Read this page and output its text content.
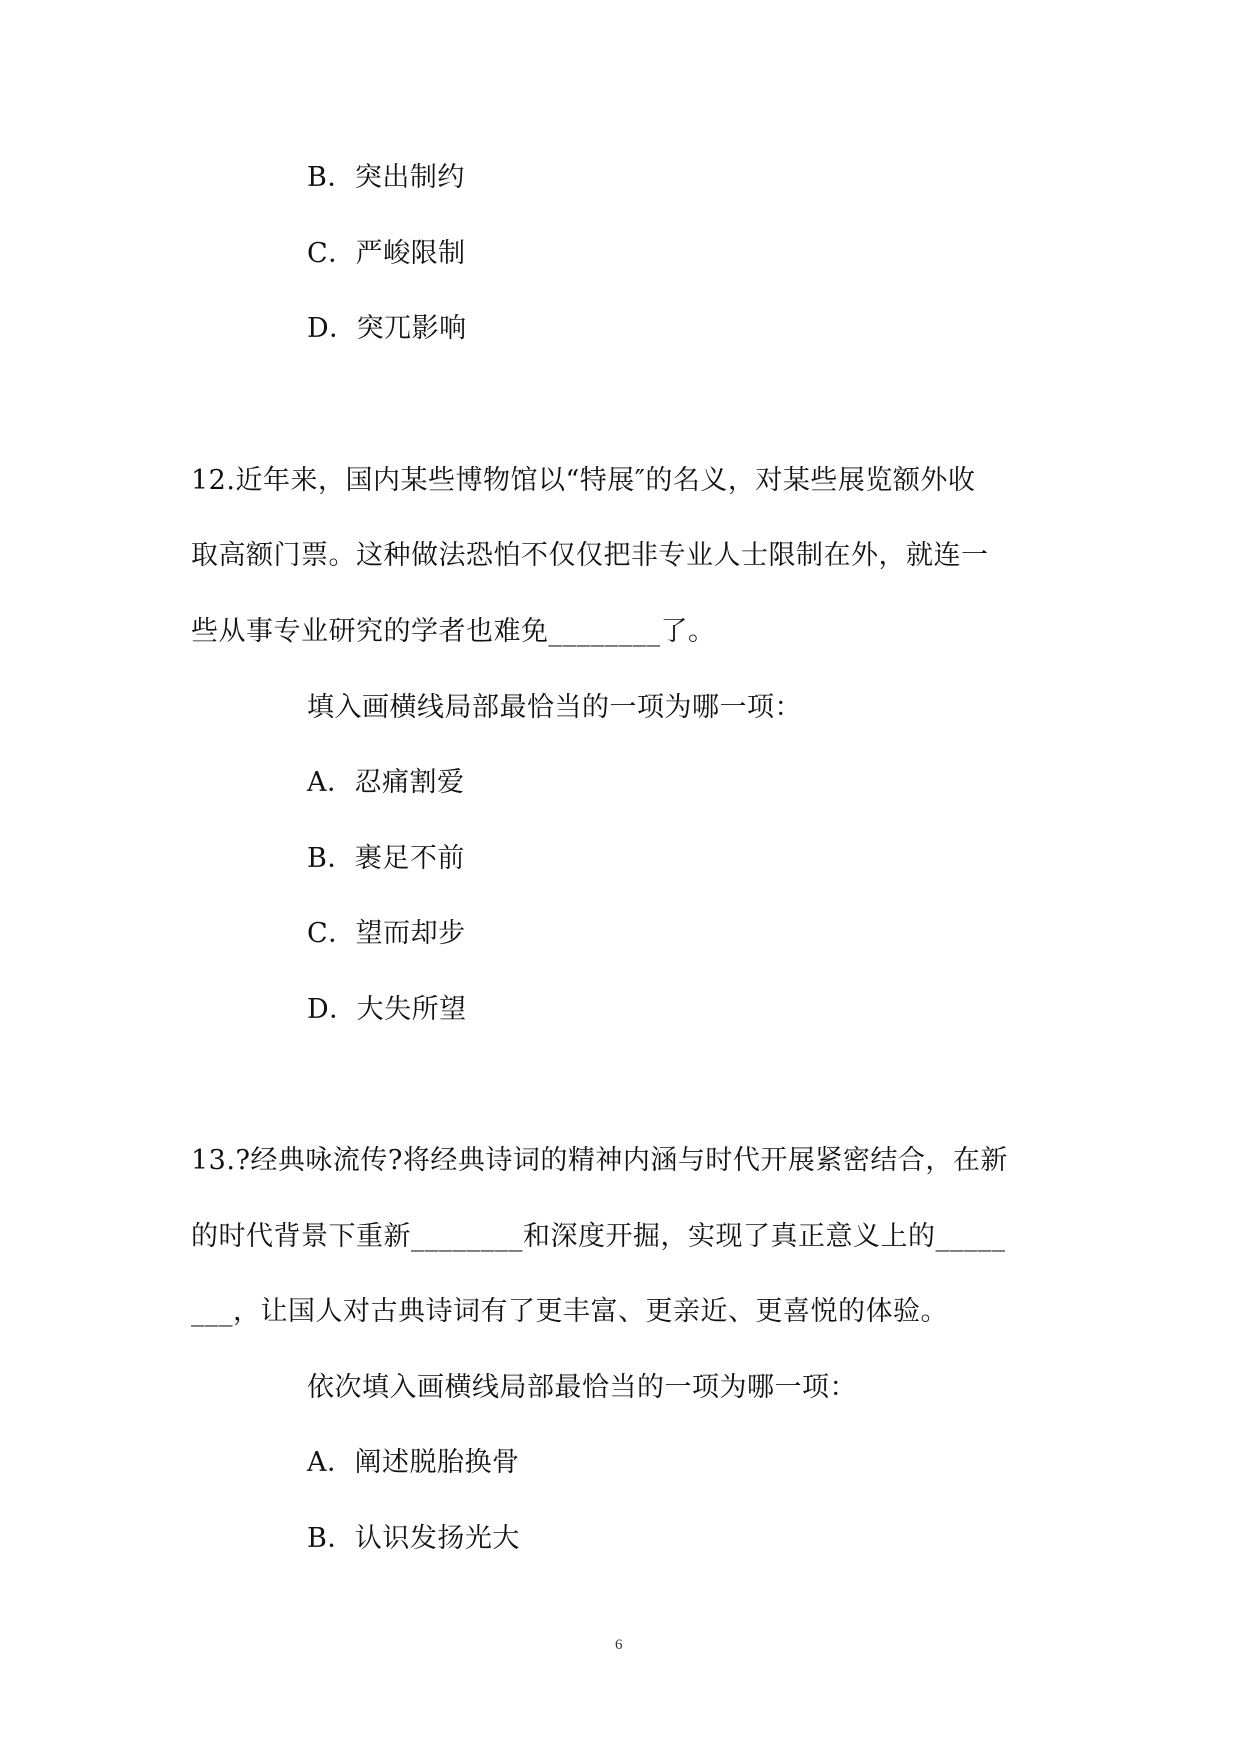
B．突出制约
C．严峻限制
D．突兀影响
12.近年来，国内某些博物馆以“特展″的名义，对某些展览额外收
取高额门票。这种做法恐怕不仅仅把非专业人士限制在外，就连一
些从事专业研究的学者也难免________了。
填入画横线局部最恰当的一项为哪一项：
A．忍痛割爱
B．裹足不前
C．望而却步
D．大失所望
13.?经典咏流传?将经典诗词的精神内涵与时代开展紧密结合，在新
的时代背景下重新________和深度开掘，实现了真正意义上的_____
___，让国人对古典诗词有了更丰富、更亲近、更喜悦的体验。
依次填入画横线局部最恰当的一项为哪一项：
A．阐述脱胎换骨
B．认识发扬光大
6
